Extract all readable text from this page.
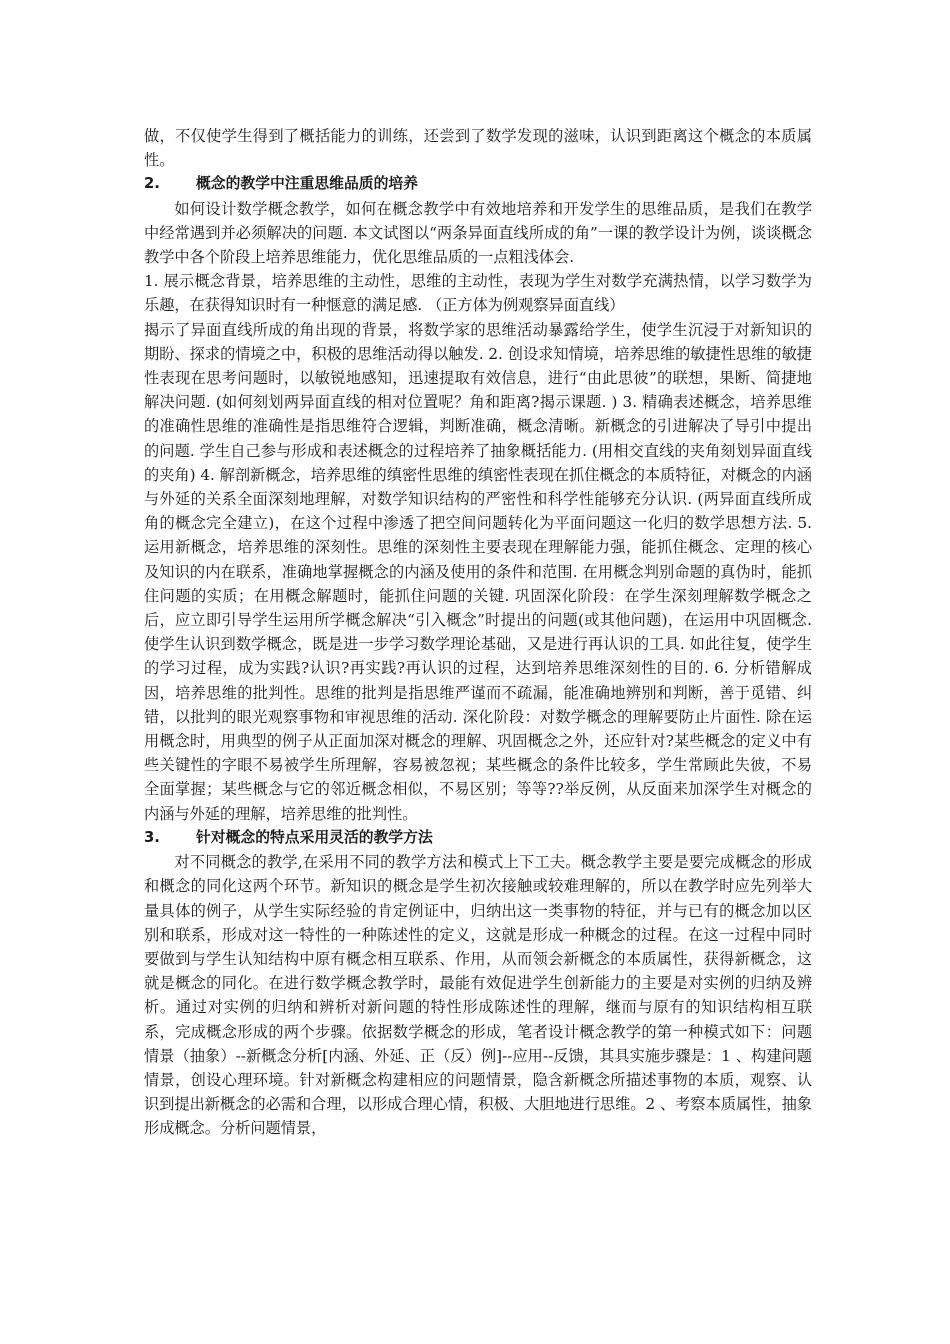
做，不仅使学生得到了概括能力的训练，还尝到了数学发现的滋味，认识到距离这个概念的本质属性。

2. 概念的教学中注重思维品质的培养

如何设计数学概念教学，如何在概念教学中有效地培养和开发学生的思维品质，是我们在教学中经常遇到并必须解决的问题. 本文试图以“两条异面直线所成的角”一课的教学设计为例，谈谈概念教学中各个阶段上培养思维能力，优化思维品质的一点粗浅体会.

1. 展示概念背景，培养思维的主动性，思维的主动性，表现为学生对数学充满热情，以学习数学为乐趣，在获得知识时有一种惬意的满足感. （正方体为例观察异面直线）

揭示了异面直线所成的角出现的背景，将数学家的思维活动暴露给学生，使学生沉浸于对新知识的期盼、探求的情境之中，积极的思维活动得以触发. 2. 创设求知情境，培养思维的敏捷性思维的敏捷性表现在思考问题时，以敏锐地感知，迅速提取有效信息，进行“由此思彼”的联想，果断、简捷地解决问题. (如何刻划两异面直线的相对位置呢？角和距离?揭示课题. ) 3. 精确表述概念，培养思维的准确性思维的准确性是指思维符合逻辑，判断准确，概念清晰。新概念的引进解决了导引中提出的问题. 学生自己参与形成和表述概念的过程培养了抽象概括能力. (用相交直线的夹角刻划异面直线的夹角) 4. 解剖新概念，培养思维的缜密性思维的缜密性表现在抓住概念的本质特征，对概念的内涵与外延的关系全面深刻地理解，对数学知识结构的严密性和科学性能够充分认识. (两异面直线所成角的概念完全建立)，在这个过程中渗透了把空间问题转化为平面问题这一化归的数学思想方法. 5. 运用新概念，培养思维的深刻性。思维的深刻性主要表现在理解能力强，能抓住概念、定理的核心及知识的内在联系，准确地掌握概念的内涵及使用的条件和范围. 在用概念判别命题的真伪时，能抓住问题的实质；在用概念解题时，能抓住问题的关键. 巩固深化阶段：在学生深刻理解数学概念之后，应立即引导学生运用所学概念解决“引入概念”时提出的问题(或其他问题)，在运用中巩固概念. 使学生认识到数学概念，既是进一步学习数学理论基础，又是进行再认识的工具. 如此往复，使学生的学习过程，成为实践?认识?再实践?再认识的过程，达到培养思维深刻性的目的. 6. 分析错解成因，培养思维的批判性。思维的批判是指思维严谨而不疏漏，能准确地辨别和判断，善于觅错、纠错，以批判的眼光观察事物和审视思维的活动. 深化阶段：对数学概念的理解要防止片面性. 除在运用概念时，用典型的例子从正面加深对概念的理解、巩固概念之外，还应针对?某些概念的定义中有些关键性的字眼不易被学生所理解，容易被忽视；某些概念的条件比较多，学生常顾此失彼，不易全面掌握；某些概念与它的邻近概念相似，不易区别；等等??举反例，从反面来加深学生对概念的内涵与外延的理解，培养思维的批判性。

3. 针对概念的特点采用灵活的教学方法

对不同概念的教学,在采用不同的教学方法和模式上下工夫。概念教学主要是要完成概念的形成和概念的同化这两个环节。新知识的概念是学生初次接触或较难理解的，所以在教学时应先列举大量具体的例子，从学生实际经验的肯定例证中，归纳出这一类事物的特征，并与已有的概念加以区别和联系，形成对这一特性的一种陈述性的定义，这就是形成一种概念的过程。在这一过程中同时要做到与学生认知结构中原有概念相互联系、作用，从而领会新概念的本质属性，获得新概念，这就是概念的同化。在进行数学概念教学时，最能有效促进学生创新能力的主要是对实例的归纳及辨析。通过对实例的归纳和辨析对新问题的特性形成陈述性的理解，继而与原有的知识结构相互联系，完成概念形成的两个步骤。依据数学概念的形成，笔者设计概念教学的第一种模式如下：问题情景（抽象）--新概念分析[内涵、外延、正（反）例]--应用--反馈，其具实施步骤是：1 、构建问题情景，创设心理环境。针对新概念构建相应的问题情景，隐含新概念所描述事物的本质，观察、认识到提出新概念的必需和合理，以形成合理心情，积极、大胆地进行思维。2 、考察本质属性，抽象形成概念。分析问题情景，
